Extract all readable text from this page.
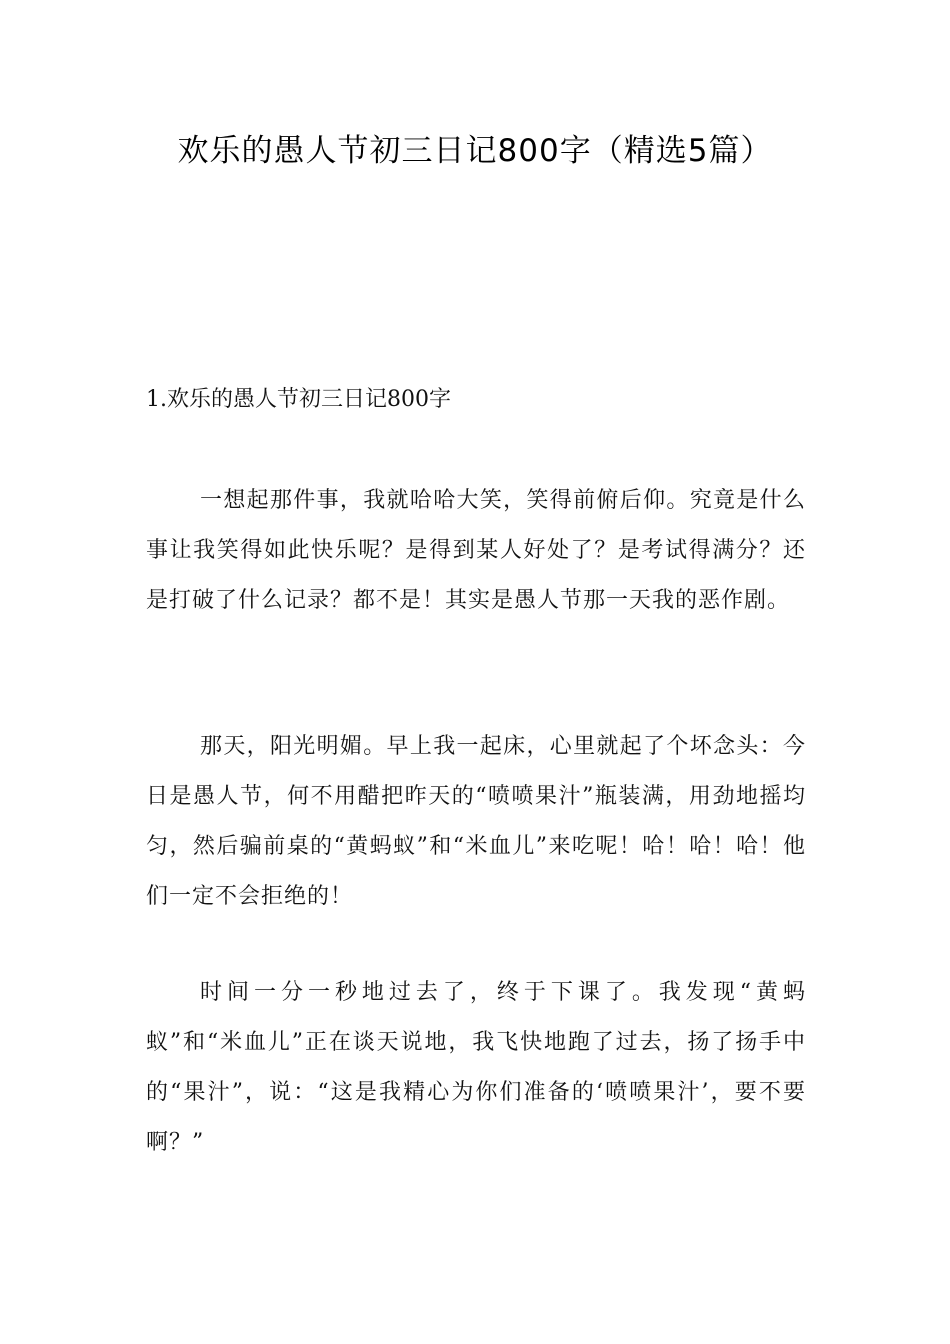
欢乐的愚人节初三日记800字（精选5篇）
1.欢乐的愚人节初三日记800字

一想起那件事，我就哈哈大笑，笑得前俯后仰。究竟是什么事让我笑得如此快乐呢？是得到某人好处了？是考试得满分？还是打破了什么记录？都不是！其实是愚人节那一天我的恶作剧。

那天，阳光明媚。早上我一起床，心里就起了个坏念头：今日是愚人节，何不用醋把昨天的“喷喷果汁”瓶装满，用劲地摇均匀，然后骗前桌的“黄蚂蚁”和“米血儿”来吃呢！哈！哈！哈！他们一定不会拒绝的！

时间一分一秒地过去了，终于下课了。我发现“黄蚂蚁”和“米血儿”正在谈天说地，我飞快地跑了过去，扬了扬手中的“果汁”，说：“这是我精心为你们准备的‘喷喷果汁’，要不要啊？”
